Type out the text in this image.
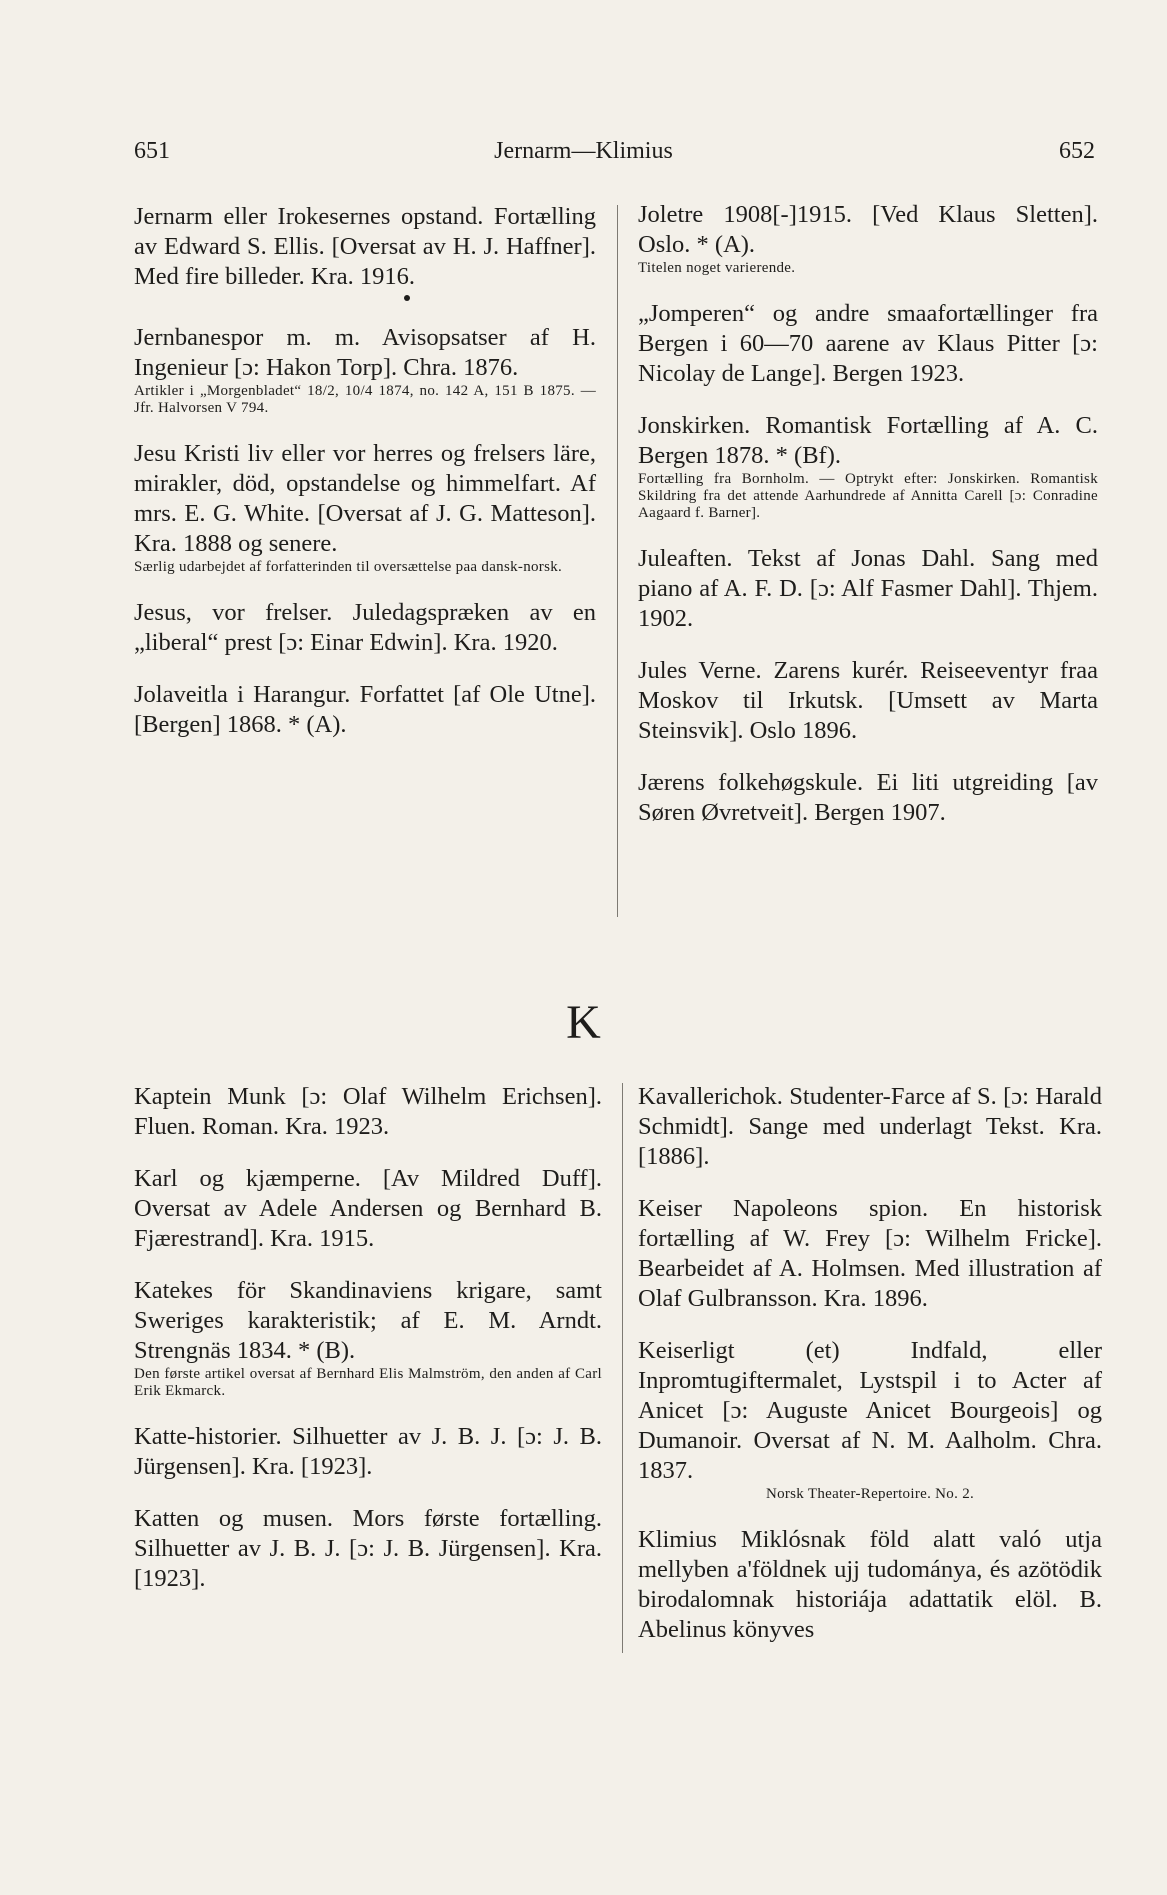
651	Jernarm—Klimius	652

Jernarm eller Irokesernes opstand. Fortælling av Edward S. Ellis. [Oversat av H. J. Haffner]. Med fire billeder. Kra. 1916.

Jernbanespor m. m. Avisopsatser af H. Ingenieur [ɔ: Hakon Torp]. Chra. 1876.

Artikler i „Morgenbladet“ 18/2, 10/4 1874, no. 142 A, 151 B 1875. — Jfr. Halvorsen V 794.

Jesu Kristi liv eller vor herres og frelsers läre, mirakler, död, opstandelse og himmelfart. Af mrs. E. G. White. [Oversat af J. G. Matteson]. Kra. 1888 og senere.

Særlig udarbejdet af forfatterinden til oversættelse paa dansk-norsk.

Jesus, vor frelser. Juledagspræken av en „liberal“ prest [ɔ: Einar Edwin]. Kra. 1920.

Jolaveitla i Harangur. Forfattet [af Ole Utne]. [Bergen] 1868. * (A).

Joletre 1908[-]1915. [Ved Klaus Sletten]. Oslo. * (A).

Titelen noget varierende.

„Jomperen“ og andre smaafortællinger fra Bergen i 60—70 aarene av Klaus Pitter [ɔ: Nicolay de Lange]. Bergen 1923.

Jonskirken. Romantisk Fortælling af A. C. Bergen 1878. * (Bf).

Fortælling fra Bornholm. — Optrykt efter: Jonskirken. Romantisk Skildring fra det attende Aarhundrede af Annitta Carell [ɔ: Conradine Aagaard f. Barner].

Juleaften. Tekst af Jonas Dahl. Sang med piano af A. F. D. [ɔ: Alf Fasmer Dahl]. Thjem. 1902.

Jules Verne. Zarens kurér. Reiseeventyr fraa Moskov til Irkutsk. [Umsett av Marta Steinsvik]. Oslo 1896.

Jærens folkehøgskule. Ei liti utgreiding [av Søren Øvretveit]. Bergen 1907.

K

Kaptein Munk [ɔ: Olaf Wilhelm Erichsen]. Fluen. Roman. Kra. 1923.

Karl og kjæmperne. [Av Mildred Duff]. Oversat av Adele Andersen og Bernhard B. Fjærestrand]. Kra. 1915.

Katekes för Skandinaviens krigare, samt Sweriges karakteristik; af E. M. Arndt. Strengnäs 1834. * (B).

Den første artikel oversat af Bernhard Elis Malmström, den anden af Carl Erik Ekmarck.

Katte-historier. Silhuetter av J. B. J. [ɔ: J. B. Jürgensen]. Kra. [1923].

Katten og musen. Mors første fortælling. Silhuetter av J. B. J. [ɔ: J. B. Jürgensen]. Kra. [1923].

Kavallerichok. Studenter-Farce af S. [ɔ: Harald Schmidt]. Sange med underlagt Tekst. Kra. [1886].

Keiser Napoleons spion. En historisk fortælling af W. Frey [ɔ: Wilhelm Fricke]. Bearbeidet af A. Holmsen. Med illustration af Olaf Gulbransson. Kra. 1896.

Keiserligt (et) Indfald, eller Inpromtugiftermalet, Lystspil i to Acter af Anicet [ɔ: Auguste Anicet Bourgeois] og Dumanoir. Oversat af N. M. Aalholm. Chra. 1837.

Norsk Theater-Repertoire. No. 2.

Klimius Miklósnak föld alatt való utja mellyben a'földnek ujj tudománya, és azötödik birodalomnak historiája adattatik elöl. B. Abelinus könyves
